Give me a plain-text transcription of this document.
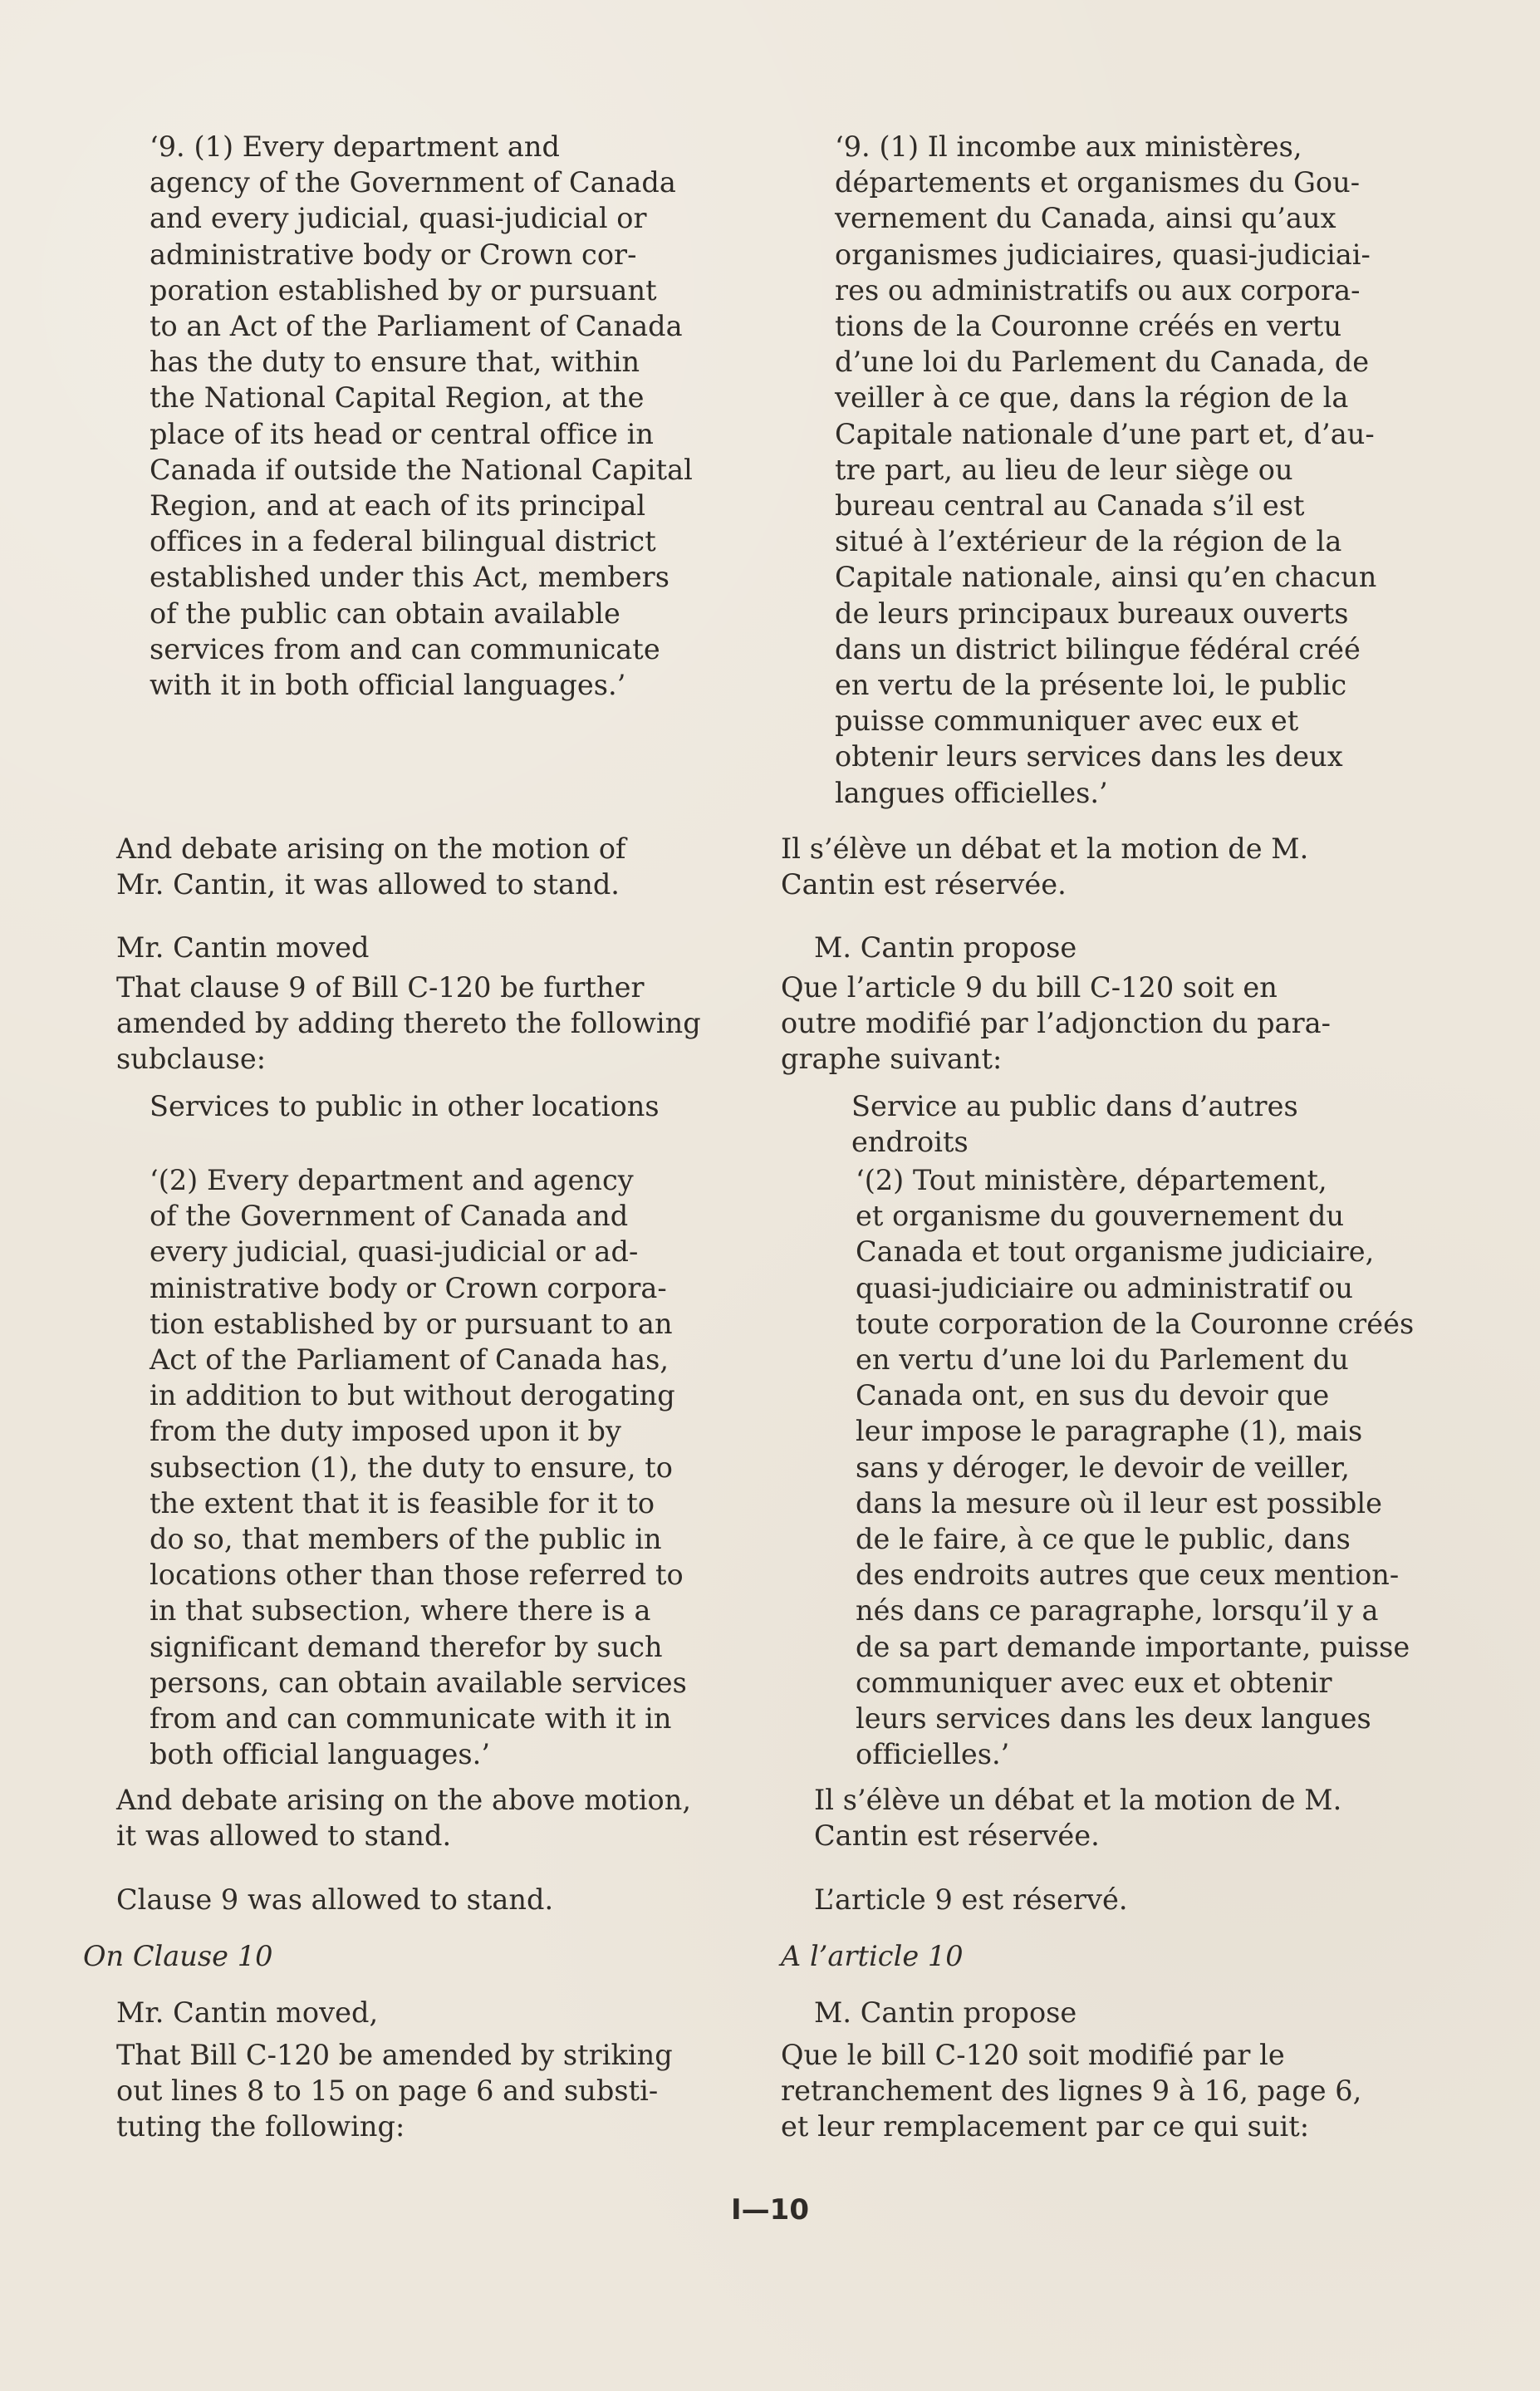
‘9. (1) Every department and
agency of the Government of Canada
and every judicial, quasi-judicial or
administrative body or Crown cor-
poration established by or pursuant
to an Act of the Parliament of Canada
has the duty to ensure that, within
the National Capital Region, at the
place of its head or central office in
Canada if outside the National Capital
Region, and at each of its principal
offices in a federal bilingual district
established under this Act, members
of the public can obtain available
services from and can communicate
with it in both official languages.’

And debate arising on the motion of
Mr. Cantin, it was allowed to stand.

Mr. Cantin moved

That clause 9 of Bill C-120 be further
amended by adding thereto the following
subclause:

Services to public in other locations

‘(2) Every department and agency
of the Government of Canada and
every judicial, quasi-judicial or ad-
ministrative body or Crown corpora-
tion established by or pursuant to an
Act of the Parliament of Canada has,
in addition to but without derogating
from the duty imposed upon it by
subsection (1), the duty to ensure, to
the extent that it is feasible for it to
do so, that members of the public in
locations other than those referred to
in that subsection, where there is a
significant demand therefor by such
persons, can obtain available services
from and can communicate with it in
both official languages.’

And debate arising on the above motion,
it was allowed to stand.

Clause 9 was allowed to stand.

On Clause 10

Mr. Cantin moved,

That Bill C-120 be amended by striking
out lines 8 to 15 on page 6 and substi-
tuting the following:

‘9. (1) Il incombe aux ministères,
départements et organismes du Gou-
vernement du Canada, ainsi qu’aux
organismes judiciaires, quasi-judiciai-
res ou administratifs ou aux corpora-
tions de la Couronne créés en vertu
d’une loi du Parlement du Canada, de
veiller à ce que, dans la région de la
Capitale nationale d’une part et, d’au-
tre part, au lieu de leur siège ou
bureau central au Canada s’il est
situé à l’extérieur de la région de la
Capitale nationale, ainsi qu’en chacun
de leurs principaux bureaux ouverts
dans un district bilingue fédéral créé
en vertu de la présente loi, le public
puisse communiquer avec eux et
obtenir leurs services dans les deux
langues officielles.’

Il s’élève un débat et la motion de M.
Cantin est réservée.

M. Cantin propose

Que l’article 9 du bill C-120 soit en
outre modifié par l’adjonction du para-
graphe suivant:

Service au public dans d’autres
endroits

‘(2) Tout ministère, département,
et organisme du gouvernement du
Canada et tout organisme judiciaire,
quasi-judiciaire ou administratif ou
toute corporation de la Couronne créés
en vertu d’une loi du Parlement du
Canada ont, en sus du devoir que
leur impose le paragraphe (1), mais
sans y déroger, le devoir de veiller,
dans la mesure où il leur est possible
de le faire, à ce que le public, dans
des endroits autres que ceux mention-
nés dans ce paragraphe, lorsqu’il y a
de sa part demande importante, puisse
communiquer avec eux et obtenir
leurs services dans les deux langues
officielles.’

Il s’élève un débat et la motion de M.
Cantin est réservée.

L’article 9 est réservé.

A l’article 10

M. Cantin propose

Que le bill C-120 soit modifié par le
retranchement des lignes 9 à 16, page 6,
et leur remplacement par ce qui suit:

I—10
